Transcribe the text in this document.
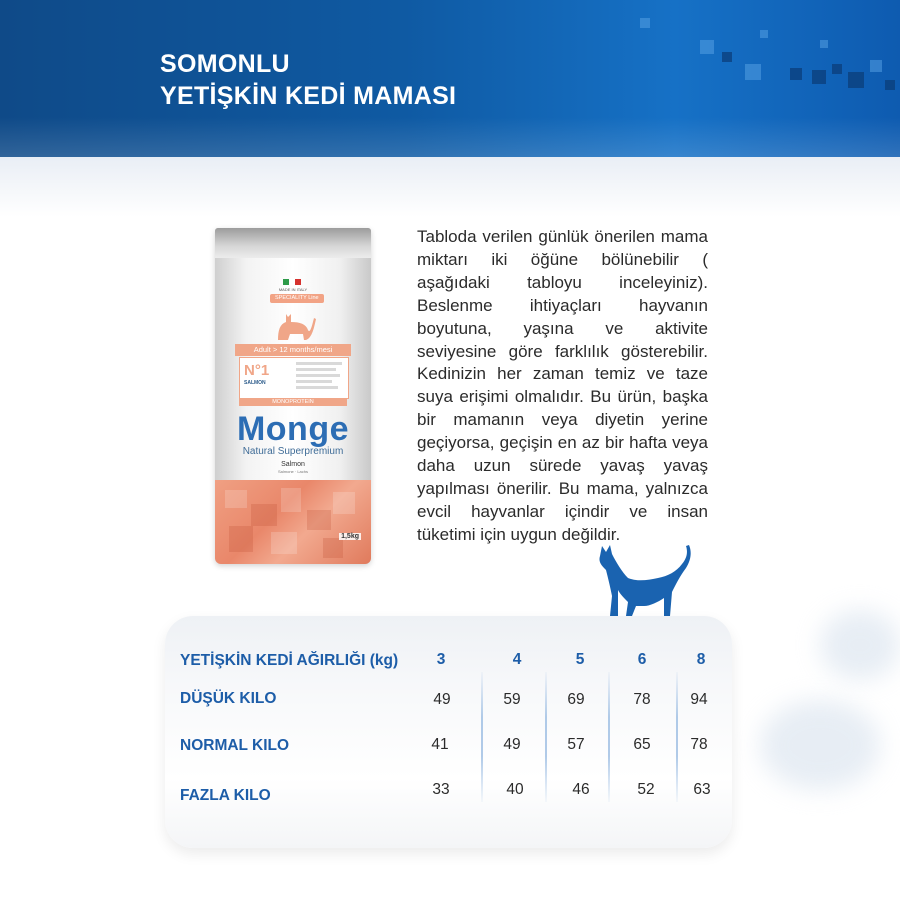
SOMONLU
YETİŞKİN KEDİ MAMASI
MADE IN ITALY
SPECIALITY Line
Adult > 12 months/mesi
N°1
SALMON
MONOPROTEIN
Monge
Natural Superpremium
Salmon
Salmone · Lachs
1,5kg
Tabloda verilen günlük önerilen mama miktarı iki öğüne bölünebilir ( aşağıdaki tabloyu inceleyiniz). Beslenme ihtiyaçları hayvanın boyutuna, yaşına ve aktivite seviyesine göre farklılık gösterebilir. Kedinizin her zaman temiz ve taze suya erişimi olmalıdır. Bu ürün, başka bir mamanın veya diyetin yerine geçiyorsa, geçişin en az bir hafta veya daha uzun sürede yavaş yavaş yapılması önerilir. Bu mama, yalnızca evcil hayvanlar içindir ve insan tüketimi için uygun değildir.
YETİŞKİN KEDİ AĞIRLIĞI (kg)	3	4	5	6	8
DÜŞÜK KILO	49	59	69	78	94
NORMAL KILO	41	49	57	65	78
FAZLA KILO	33	40	46	52	63
